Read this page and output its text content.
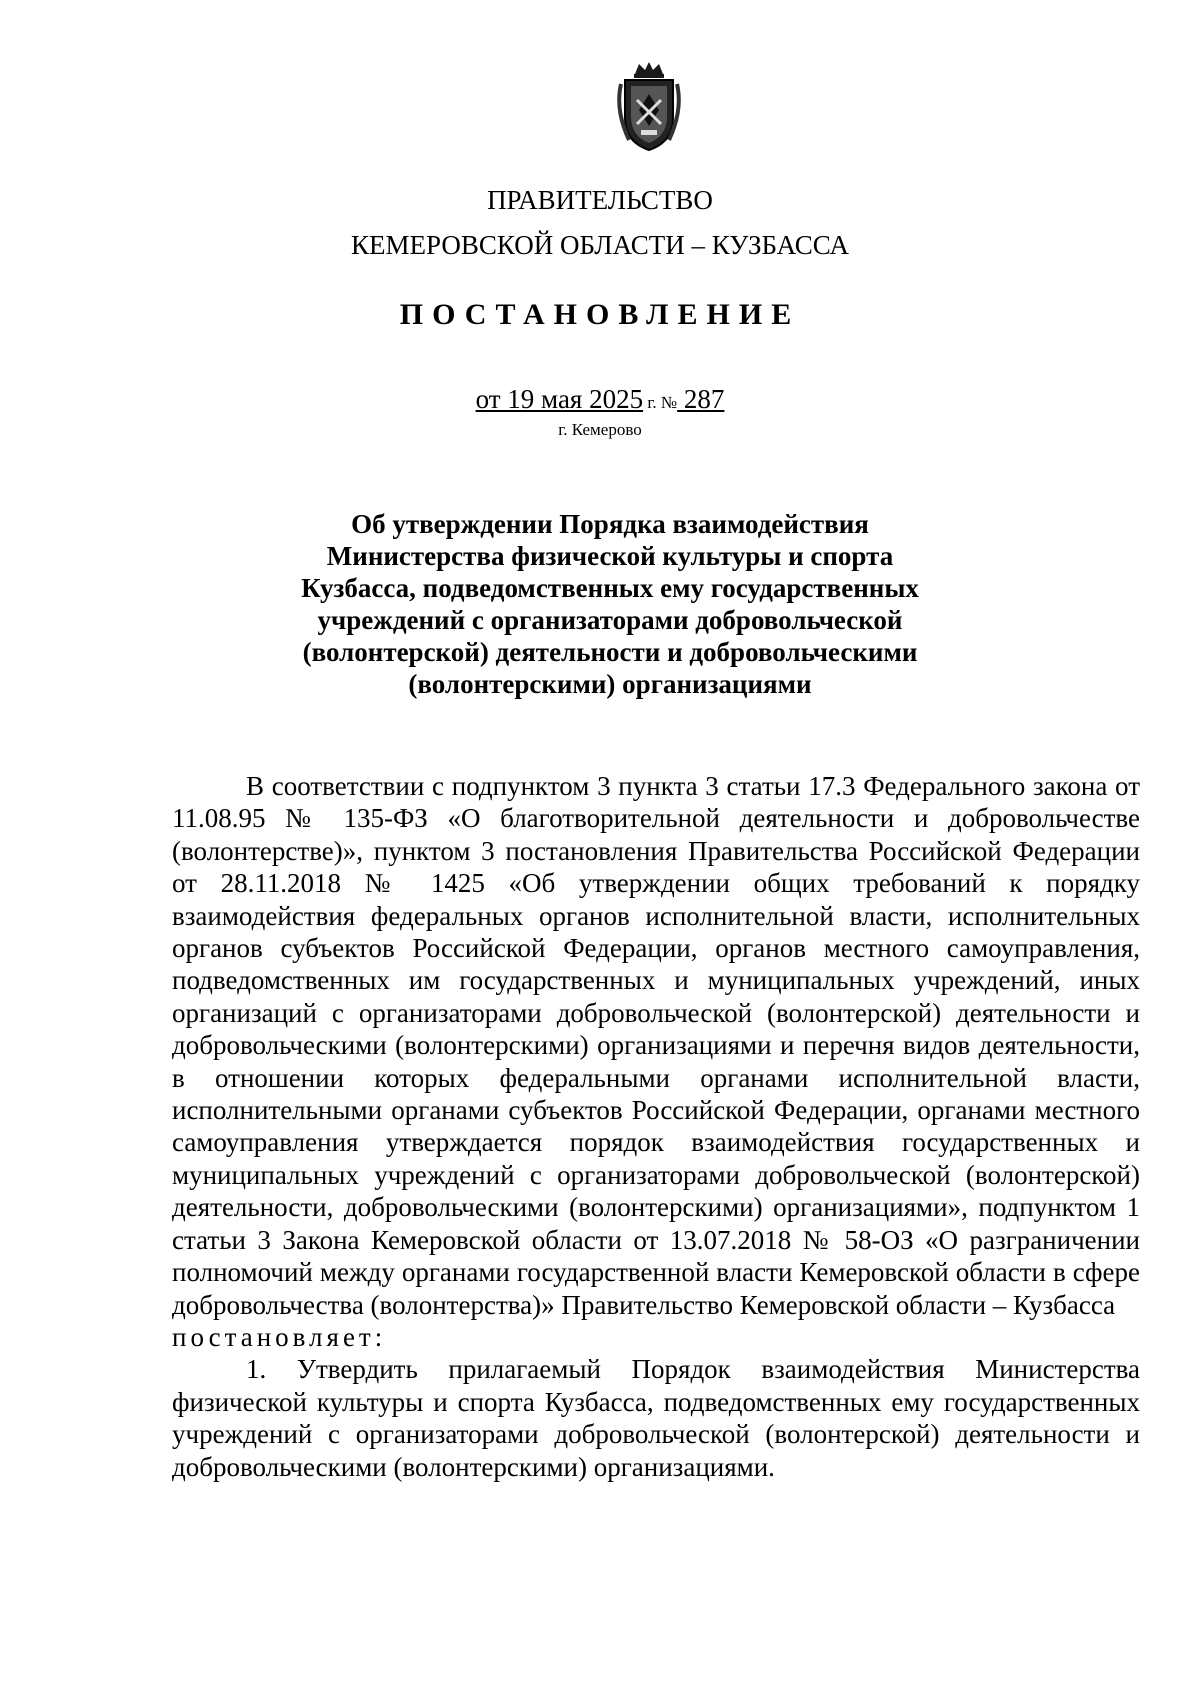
ПРАВИТЕЛЬСТВО
КЕМЕРОВСКОЙ ОБЛАСТИ – КУЗБАССА
ПОСТАНОВЛЕНИЕ
от 19 мая 2025 г. № 287
г. Кемерово
Об утверждении Порядка взаимодействия
Министерства физической культуры и спорта
Кузбасса, подведомственных ему государственных
учреждений с организаторами добровольческой
(волонтерской) деятельности и добровольческими
(волонтерскими) организациями

В соответствии с подпунктом 3 пункта 3 статьи 17.3 Федерального закона от 11.08.95 № 135-ФЗ «О благотворительной деятельности и добровольчестве (волонтерстве)», пунктом 3 постановления Правительства Российской Федерации от 28.11.2018 № 1425 «Об утверждении общих требований к порядку взаимодействия федеральных органов исполнительной власти, исполнительных органов субъектов Российской Федерации, органов местного самоуправления, подведомственных им государственных и муниципальных учреждений, иных организаций с организаторами добровольческой (волонтерской) деятельности и добровольческими (волонтерскими) организациями и перечня видов деятельности, в отношении которых федеральными органами исполнительной власти, исполнительными органами субъектов Российской Федерации, органами местного самоуправления утверждается порядок взаимодействия государственных и муниципальных учреждений с организаторами добровольческой (волонтерской) деятельности, добровольческими (волонтерскими) организациями», подпунктом 1 статьи 3 Закона Кемеровской области от 13.07.2018 № 58-ОЗ «О разграничении полномочий между органами государственной власти Кемеровской области в сфере добровольчества (волонтерства)» Правительство Кемеровской области – Кузбасса

постановляет:

1. Утвердить прилагаемый Порядок взаимодействия Министерства физической культуры и спорта Кузбасса, подведомственных ему государственных учреждений с организаторами добровольческой (волонтерской) деятельности и добровольческими (волонтерскими) организациями.
